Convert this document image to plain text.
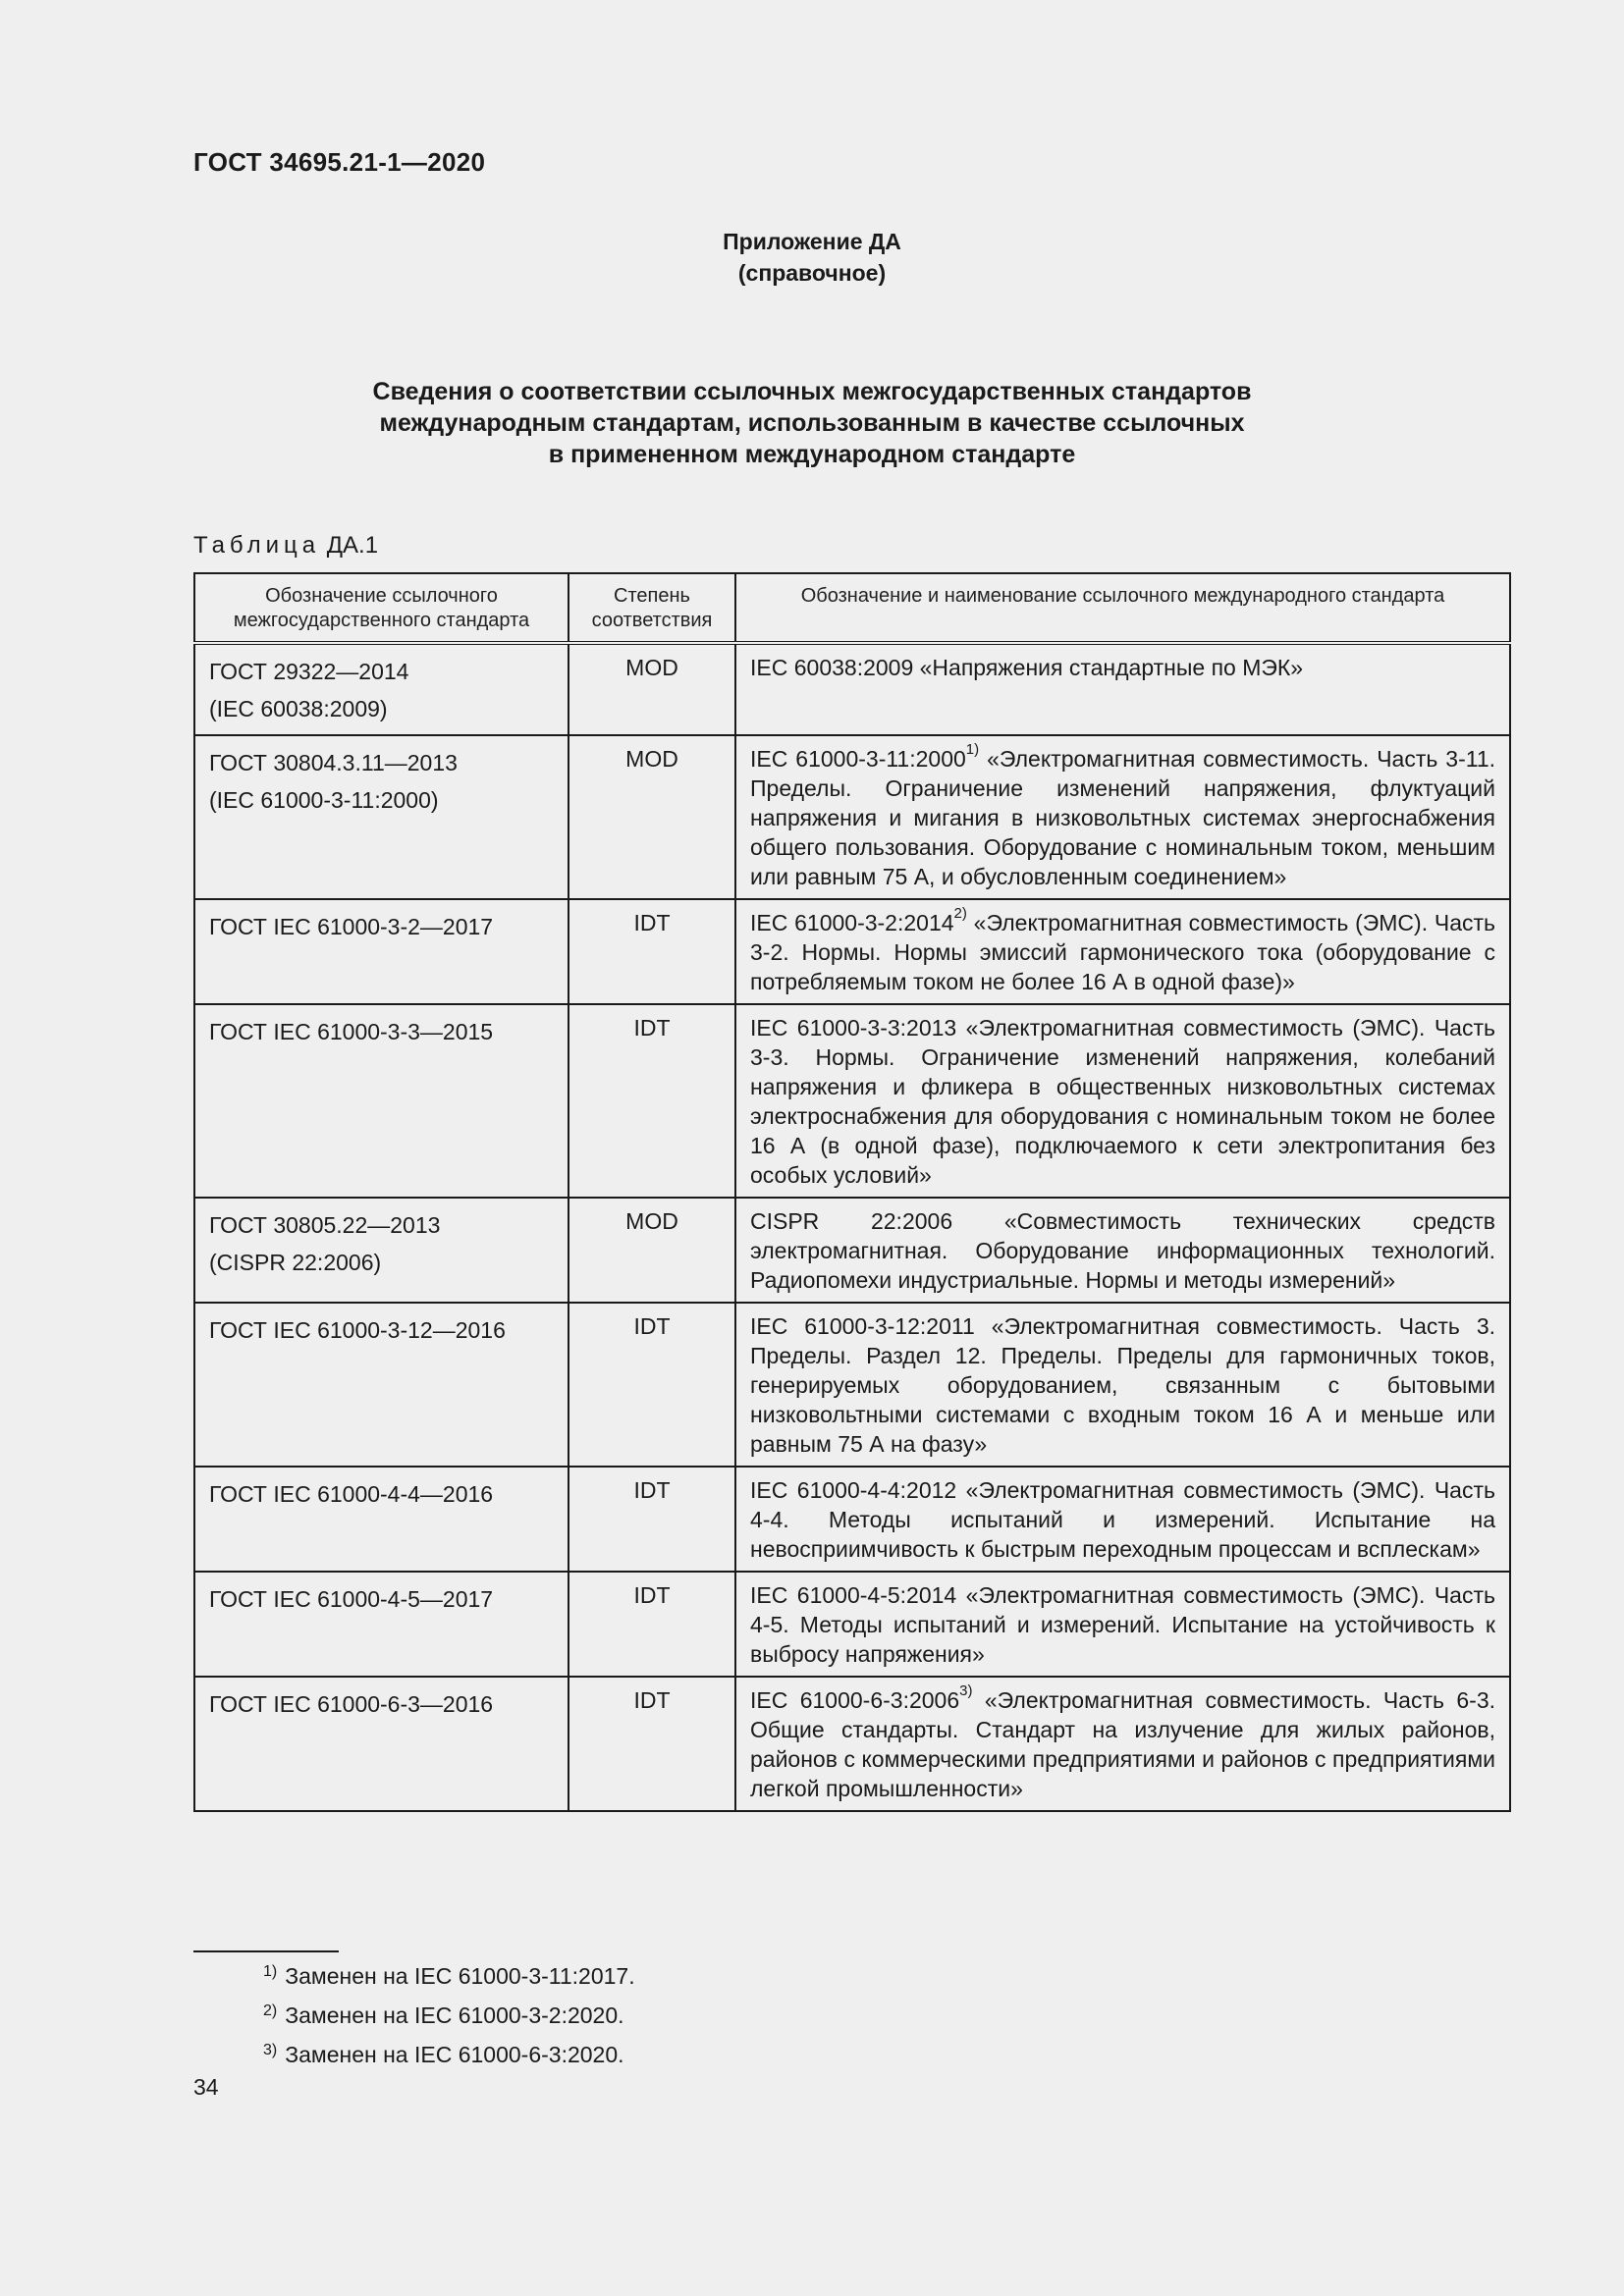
ГОСТ 34695.21-1—2020
Приложение ДА
(справочное)
Сведения о соответствии ссылочных межгосударственных стандартов
международным стандартам, использованным в качестве ссылочных
в примененном международном стандарте
Таблица ДА.1
Обозначение ссылочного межгосударственного стандарта	Степень соответствия	Обозначение и наименование ссылочного международного стандарта

ГОСТ 29322—2014
(IEC 60038:2009)	MOD	IEC 60038:2009 «Напряжения стандартные по МЭК»

ГОСТ 30804.3.11—2013
(IEC 61000-3-11:2000)	MOD	IEC 61000-3-11:2000$^{1)}$ «Электромагнитная совместимость. Часть 3-11. Пределы. Ограничение изменений напряжения, флуктуаций напряжения и мигания в низковольтных системах энергоснабжения общего пользования. Оборудование с номинальным током, меньшим или равным 75 А, и обусловленным соединением»

ГОСТ IEC 61000-3-2—2017	IDT	IEC 61000-3-2:2014$^{2)}$ «Электромагнитная совместимость (ЭМС). Часть 3-2. Нормы. Нормы эмиссий гармонического тока (оборудование с потребляемым током не более 16 А в одной фазе)»

ГОСТ IEC 61000-3-3—2015	IDT	IEC 61000-3-3:2013 «Электромагнитная совместимость (ЭМС). Часть 3-3. Нормы. Ограничение изменений напряжения, колебаний напряжения и фликера в общественных низковольтных системах электроснабжения для оборудования с номинальным током не более 16 А (в одной фазе), подключаемого к сети электропитания без особых условий»

ГОСТ 30805.22—2013
(CISPR 22:2006)	MOD	CISPR 22:2006 «Совместимость технических средств электромагнитная. Оборудование информационных технологий. Радиопомехи индустриальные. Нормы и методы измерений»

ГОСТ IEC 61000-3-12—2016	IDT	IEC 61000-3-12:2011 «Электромагнитная совместимость. Часть 3. Пределы. Раздел 12. Пределы. Пределы для гармоничных токов, генерируемых оборудованием, связанным с бытовыми низковольтными системами с входным током 16 А и меньше или равным 75 А на фазу»

ГОСТ IEC 61000-4-4—2016	IDT	IEC 61000-4-4:2012 «Электромагнитная совместимость (ЭМС). Часть 4-4. Методы испытаний и измерений. Испытание на невосприимчивость к быстрым переходным процессам и всплескам»

ГОСТ IEC 61000-4-5—2017	IDT	IEC 61000-4-5:2014 «Электромагнитная совместимость (ЭМС). Часть 4-5. Методы испытаний и измерений. Испытание на устойчивость к выбросу напряжения»

ГОСТ IEC 61000-6-3—2016	IDT	IEC 61000-6-3:2006$^{3)}$ «Электромагнитная совместимость. Часть 6-3. Общие стандарты. Стандарт на излучение для жилых районов, районов с коммерческими предприятиями и районов с предприятиями легкой промышленности»
$^{1)}$ Заменен на IEC 61000-3-11:2017.
$^{2)}$ Заменен на IEC 61000-3-2:2020.
$^{3)}$ Заменен на IEC 61000-6-3:2020.
34
